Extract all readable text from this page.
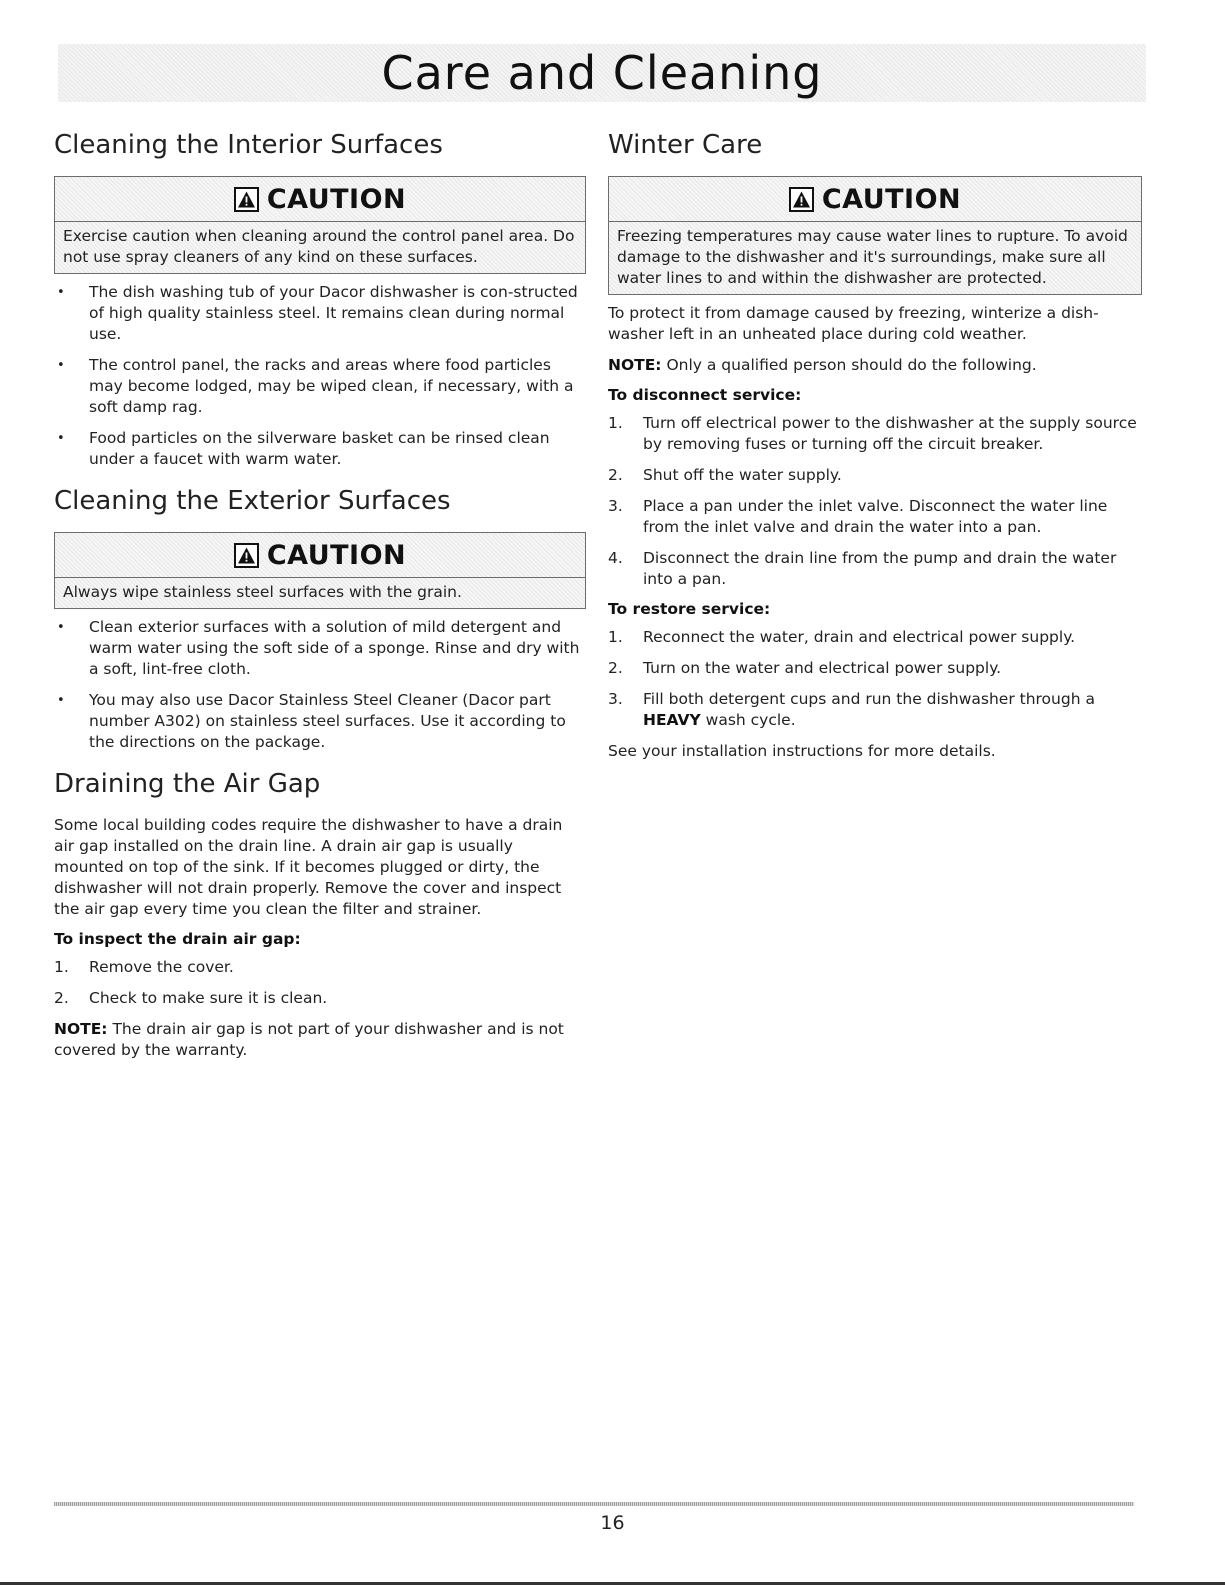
Care and Cleaning
Cleaning the Interior Surfaces
CAUTION
Exercise caution when cleaning around the control panel area. Do not use spray cleaners of any kind on these surfaces.
• The dish washing tub of your Dacor dishwasher is con-structed of high quality stainless steel. It remains clean during normal use.
• The control panel, the racks and areas where food particles may become lodged, may be wiped clean, if necessary, with a soft damp rag.
• Food particles on the silverware basket can be rinsed clean under a faucet with warm water.
Cleaning the Exterior Surfaces
CAUTION
Always wipe stainless steel surfaces with the grain.
• Clean exterior surfaces with a solution of mild detergent and warm water using the soft side of a sponge. Rinse and dry with a soft, lint-free cloth.
• You may also use Dacor Stainless Steel Cleaner (Dacor part number A302) on stainless steel surfaces. Use it according to the directions on the package.
Draining the Air Gap

Some local building codes require the dishwasher to have a drain air gap installed on the drain line. A drain air gap is usually mounted on top of the sink. If it becomes plugged or dirty, the dishwasher will not drain properly. Remove the cover and inspect the air gap every time you clean the filter and strainer.

To inspect the drain air gap:
1. Remove the cover.
2. Check to make sure it is clean.

NOTE: The drain air gap is not part of your dishwasher and is not covered by the warranty.

Winter Care
CAUTION
Freezing temperatures may cause water lines to rupture. To avoid damage to the dishwasher and it's surroundings, make sure all water lines to and within the dishwasher are protected.

To protect it from damage caused by freezing, winterize a dish-washer left in an unheated place during cold weather.

NOTE: Only a qualified person should do the following.

To disconnect service:
1. Turn off electrical power to the dishwasher at the supply source by removing fuses or turning off the circuit breaker.
2. Shut off the water supply.
3. Place a pan under the inlet valve. Disconnect the water line from the inlet valve and drain the water into a pan.
4. Disconnect the drain line from the pump and drain the water into a pan.
To restore service:
1. Reconnect the water, drain and electrical power supply.
2. Turn on the water and electrical power supply.
3. Fill both detergent cups and run the dishwasher through a HEAVY wash cycle.

See your installation instructions for more details.

16
